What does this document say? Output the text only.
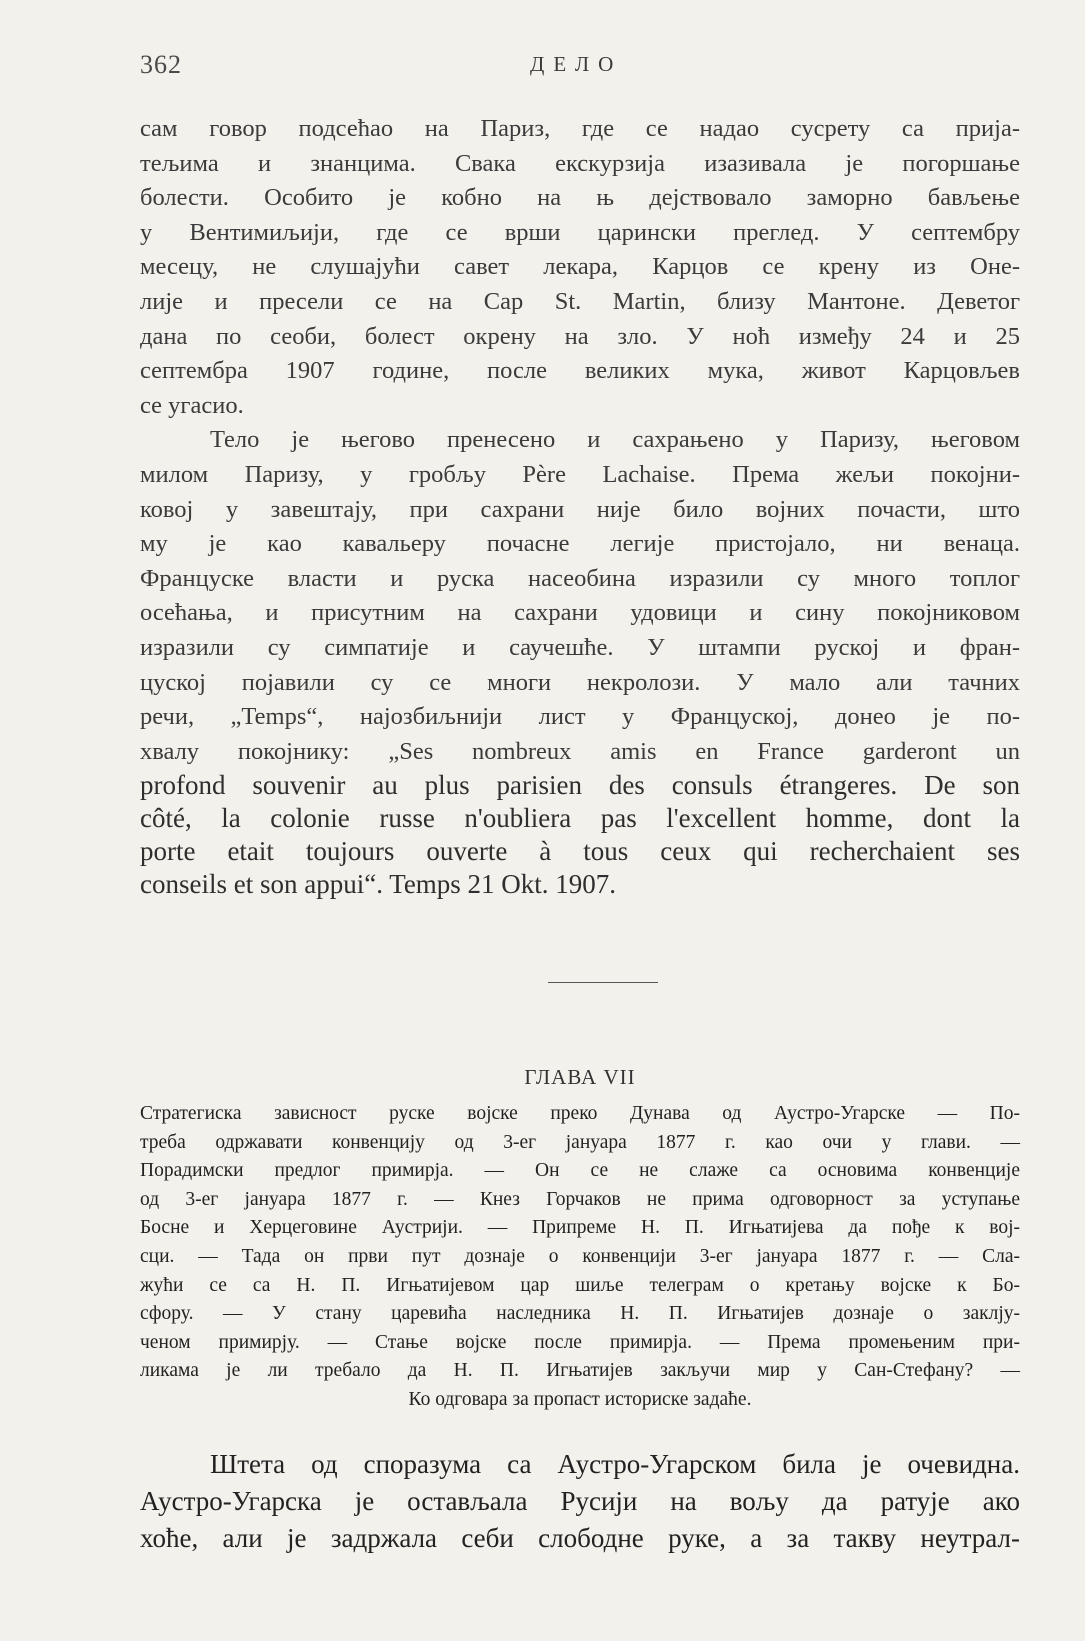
362	ДЕЛО

сам говор подсећао на Париз, где се надао сусрету са прија-
тељима и знанцима. Свака екскурзија изазивала је погоршање
болести. Особито је кобно на њ дејствовало заморно бављење
у Вентимиљији, где се врши царински преглед. У септембру
месецу, не слушајући савет лекара, Карцов се крену из Оне-
лије и пресели се на Cap St. Martin, близу Мантоне. Деветог
дана по сеоби, болест окрену на зло. У ноћ између 24 и 25
септембра 1907 године, после великих мука, живот Карцовљев
се угасио.

Тело је његово пренесено и сахрањено у Паризу, његовом
милом Паризу, у гробљу Père Lachaise. Према жељи покојни-
ковој у завештају, при сахрани није било војних почасти, што
му је као кавальеру почасне легије пристојало, ни венаца.
Француске власти и руска насеобина изразили су много топлог
осећања, и присутним на сахрани удовици и сину покојниковом
изразили су симпатије и саучешће. У штампи руској и фран-
цуској појавили су се многи некролози. У мало али тачних
речи, „Temps“, најозбиљнији лист у Француској, донео је по-
хвалу покојнику: „Ses nombreux amis en France garderont un
profond souvenir au plus parisien des consuls étrangeres. De son
côté, la colonie russe n'oubliera pas l'excellent homme, dont la
porte etait toujours ouverte à tous ceux qui recherchaient ses
conseils et son appui“. Temps 21 Okt. 1907.

ГЛАВА VII
Стратегиска зависност руске војске преко Дунава од Аустро-Угарске — По-
треба одржавати конвенцију од 3-ег јануара 1877 г. као очи у глави. —
Порадимски предлог примирја. — Он се не слаже са основима конвенције
од 3-ег јануара 1877 г. — Кнез Горчаков не прима одговорност за уступање
Босне и Херцеговине Аустрији. — Припреме Н. П. Игњатијева да пође к вој-
сци. — Тада он први пут дознаје о конвенцији 3-ег јануара 1877 г. — Сла-
жући се са Н. П. Игњатијевом цар шиље телеграм о кретању војске к Бо-
сфору. — У стану царевића наследника Н. П. Игњатијев дознаје о заклју-
ченом примирју. — Стање војске после примирја. — Према промењеним при-
ликама је ли требало да Н. П. Игњатијев закључи мир у Сан-Стефану? —
Ко одговара за пропаст историске задаће.
Штета од споразума са Аустро-Угарском била је очевидна.
Аустро-Угарска је остављала Русији на вољу да ратује ако
хоће, али је задржала себи слободне руке, а за такву неутрал-
